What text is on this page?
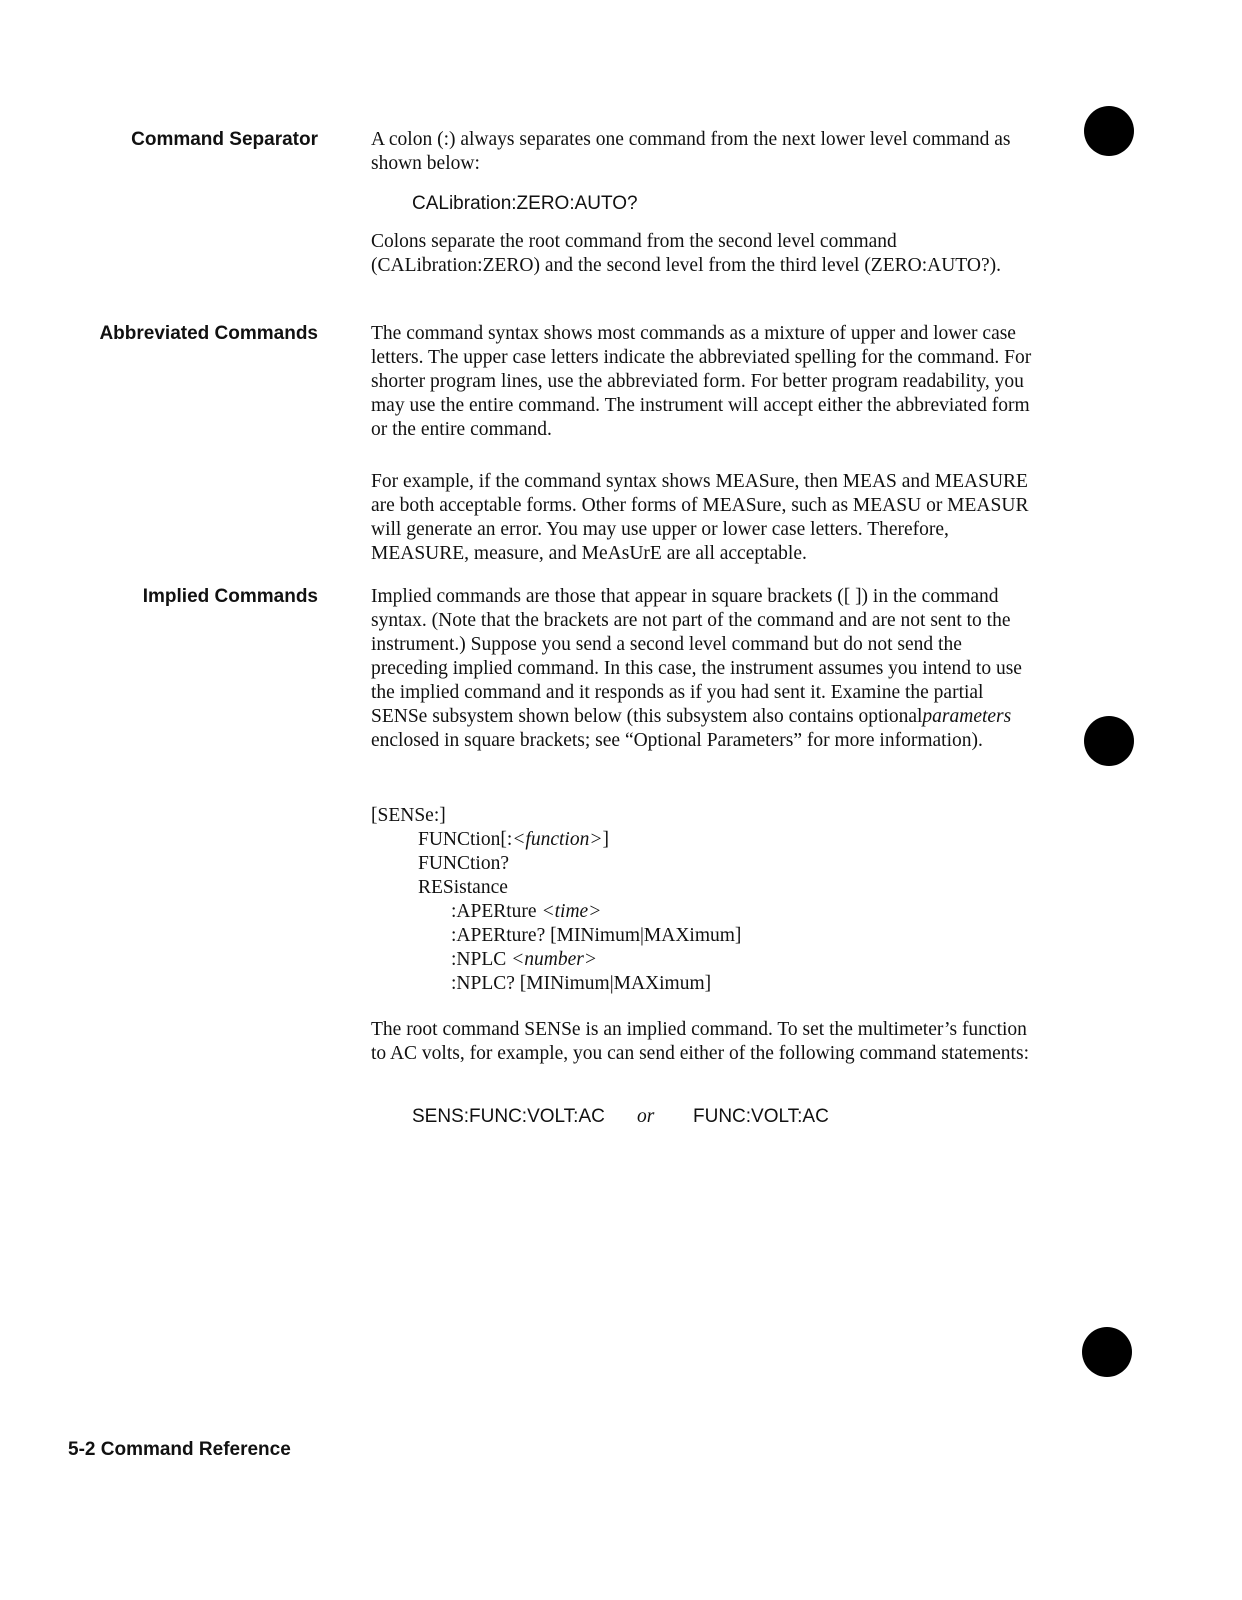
Command Separator	A colon (:) always separates one command from the next lower level command as shown below:

CALibration:ZERO:AUTO?

Colons separate the root command from the second level command (CALibration:ZERO) and the second level from the third level (ZERO:AUTO?).

Abbreviated Commands	The command syntax shows most commands as a mixture of upper and lower case letters. The upper case letters indicate the abbreviated spelling for the command. For shorter program lines, use the abbreviated form. For better program readability, you may use the entire command. The instrument will accept either the abbreviated form or the entire command.

For example, if the command syntax shows MEASure, then MEAS and MEASURE are both acceptable forms. Other forms of MEASure, such as MEASU or MEASUR will generate an error. You may use upper or lower case letters. Therefore, MEASURE, measure, and MeAsUrE are all acceptable.

Implied Commands	Implied commands are those that appear in square brackets ([ ]) in the command syntax. (Note that the brackets are not part of the command and are not sent to the instrument.) Suppose you send a second level command but do not send the preceding implied command. In this case, the instrument assumes you intend to use the implied command and it responds as if you had sent it. Examine the partial SENSe subsystem shown below (this subsystem also contains optionalparameters enclosed in square brackets; see “Optional Parameters” for more information).

[SENSe:]
FUNCtion[:<function>]
FUNCtion?
RESistance
:APERture <time>
:APERture? [MINimum|MAXimum]
:NPLC <number>
:NPLC? [MINimum|MAXimum]

The root command SENSe is an implied command. To set the multimeter’s function to AC volts, for example, you can send either of the following command statements:

SENS:FUNC:VOLT:AC or FUNC:VOLT:AC
5-2 Command Reference
